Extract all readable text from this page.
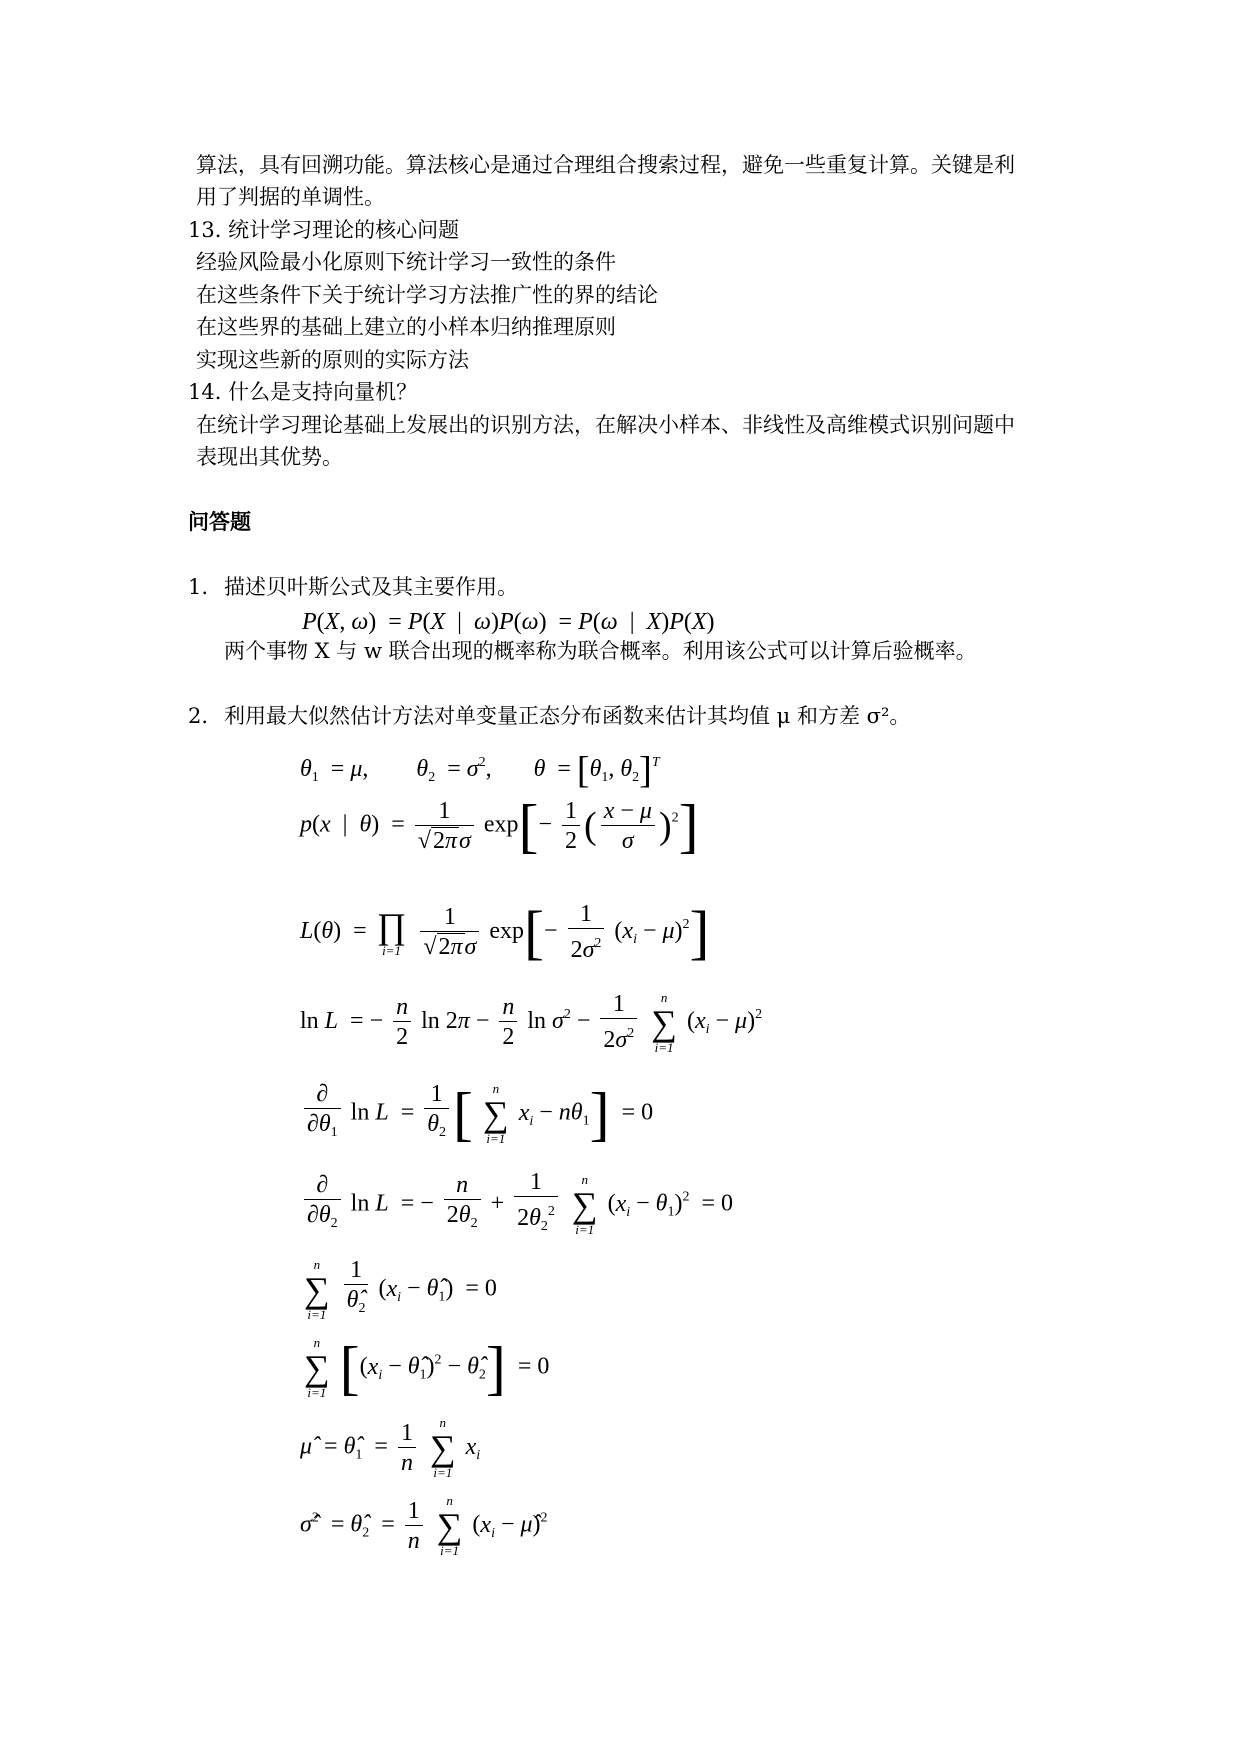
算法，具有回溯功能。算法核心是通过合理组合搜索过程，避免一些重复计算。关键是利
用了判据的单调性。
13. 统计学习理论的核心问题
经验风险最小化原则下统计学习一致性的条件
在这些条件下关于统计学习方法推广性的界的结论
在这些界的基础上建立的小样本归纳推理原则
实现这些新的原则的实际方法
14. 什么是支持向量机？
在统计学习理论基础上发展出的识别方法，在解决小样本、非线性及高维模式识别问题中
表现出其优势。
问答题
1. 描述贝叶斯公式及其主要作用。
P(X, ω)  = P(X  |  ω)P(ω)  = P(ω  |  X)P(X)
两个事物 X 与 w 联合出现的概率称为联合概率。利用该公式可以计算后验概率。
2. 利用最大似然估计方法对单变量正态分布函数来估计其均值 μ 和方差 σ²。
$\theta_1 = \mu$,        $\theta_2 = \sigma^2$,       $\theta = [\theta_1$, $\theta_2]^T$
p(x  |  $\theta) = \frac{1}{√2\pi\sigma} \exp[- \frac{1}{2}$ ( $\frac{x - \mu}{\sigma} )^2$]
L(θ)  = ∏
i=1
$\frac{1}{√2\pi\sigma} \exp[- \frac{1}{2\sigma^2} (x_i - \mu)^2]$
ln L  = − $\frac{n}{2}$ $\ln 2\pi - \frac{n}{2}$ $\ln \sigma^2 - \frac{1}{2\sigma^2}$
	n
∑
i=1
$(x_i - \mu)^2$
$\frac{\partial}{\partial\theta_1}$ $\ln L = \frac{1}{\theta_2}$ [	n
∑
i=1
$x_i - n\theta_1] = 0$
$\frac{\partial}{\partial\theta_2}$ ln L  = − $\frac{n}{2\theta_2} + \frac{1}{2\theta_2^2}$
	n
∑
i=1
$(x_i - \theta_1)^2 = 0$
n
∑
i=1
$\frac{1}{\thetâ_2} (x_i$ − $\thetâ_1) = 0$
n
∑
i=1 [($x_i$ − $\thetâ_1)^2$ − $\thetâ_2] = 0$
μ̂  = $\thetâ_1 = \frac{1}{n}$
	n
∑
i=1
$x_i$
σ̂$^2$  = $\thetâ_2 = \frac{1}{n}$
	n
∑
i=1
($x_i$ − μ̂)$^2$
